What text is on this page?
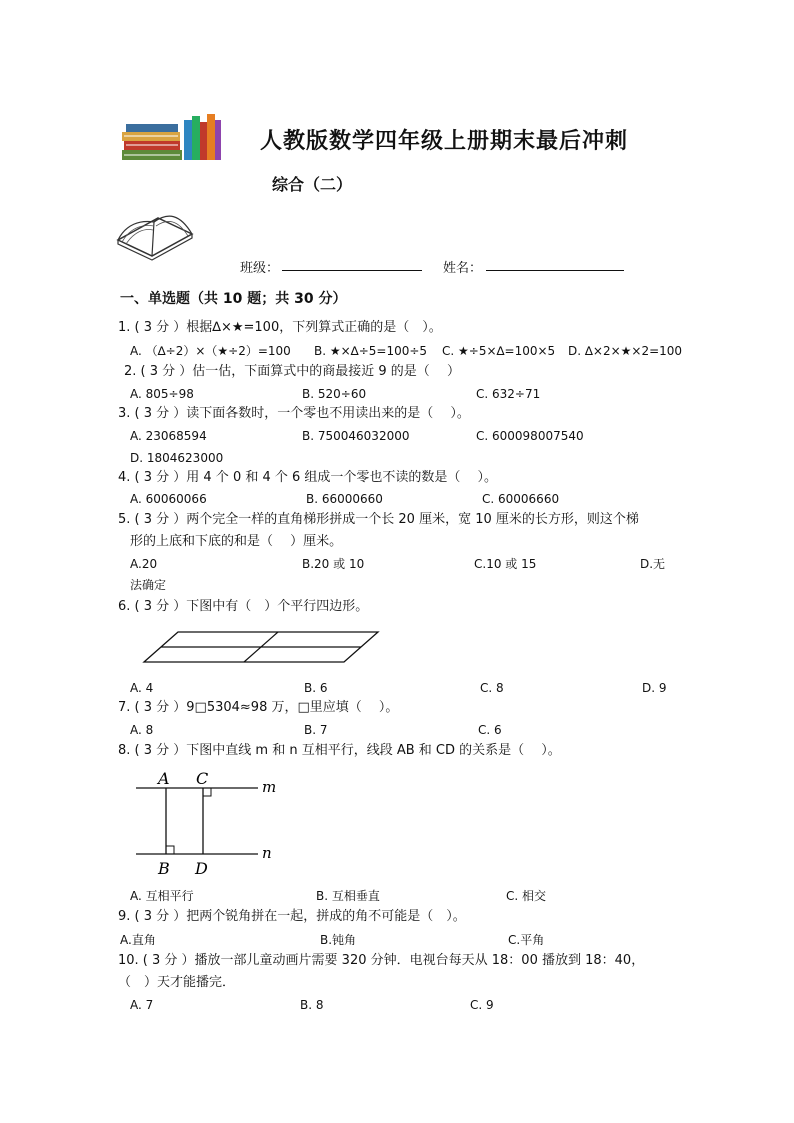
人教版数学四年级上册期末最后冲刺
综合（二）
班级：	姓名：
一、单选题（共 10 题；共 30 分）
1. ( 3 分 ）根据∆×★=100，下列算式正确的是（　）。
A. （∆÷2）×（★÷2）=100 B. ★×∆÷5=100÷5 C. ★÷5×∆=100×5 D. ∆×2×★×2=100
2. ( 3 分 ）估一估，下面算式中的商最接近 9 的是（　 ）
A. 805÷98	B. 520÷60	C. 632÷71
3. ( 3 分 ）读下面各数时，一个零也不用读出来的是（　 ）。
A. 23068594	B. 750046032000	C. 600098007540
D. 1804623000
4. ( 3 分 ）用 4 个 0 和 4 个 6 组成一个零也不读的数是（　 ）。
A. 60060066	B. 66000660	C. 60006660
5. ( 3 分 ）两个完全一样的直角梯形拼成一个长 20 厘米，宽 10 厘米的长方形，则这个梯
形的上底和下底的和是（　 ）厘米。
A.20	B.20 或 10	C.10 或 15	D.无
法确定
6. ( 3 分 ）下图中有（　）个平行四边形。
A. 4	B. 6	C. 8	D. 9
7. ( 3 分 ）9□5304≈98 万，□里应填（　 ）。
A. 8	B. 7	C. 6
8. ( 3 分 ）下图中直线 m 和 n 互相平行，线段 AB 和 CD 的关系是（　 ）。
A C
B D
m
n
A. 互相平行	B. 互相垂直	C. 相交
9. ( 3 分 ）把两个锐角拼在一起，拼成的角不可能是（　）。
A.直角	B.钝角	C.平角
10. ( 3 分 ）播放一部儿童动画片需要 320 分钟．电视台每天从 18：00 播放到 18：40，
（　）天才能播完．
A. 7	B. 8	C. 9
